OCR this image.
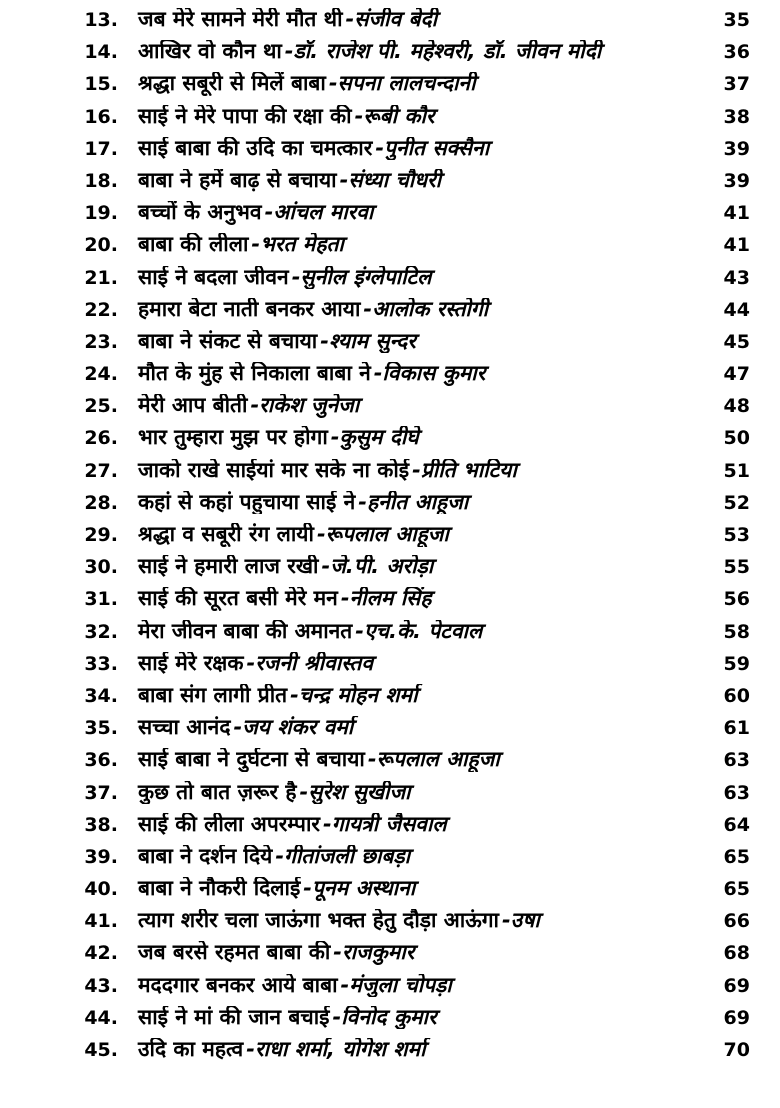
13. जब मेरे सामने मेरी मौत थी -संजीव बेदी	35
14. आखिर वो कौन था -डॉ. राजेश पी. महेश्वरी, डॉ. जीवन मोदी	36
15. श्रद्धा सबूरी से मिलें बाबा -सपना लालचन्दानी	37
16. साई ने मेरे पापा की रक्षा की -रूबी कौर	38
17. साई बाबा की उदि का चमत्कार -पुनीत सक्सैना	39
18. बाबा ने हमें बाढ़ से बचाया -संध्या चौधरी	39
19. बच्चों के अनुभव -आंचल मारवा	41
20. बाबा की लीला -भरत मेहता	41
21. साई ने बदला जीवन -सुनील इंग्लेपाटिल	43
22. हमारा बेटा नाती बनकर आया -आलोक रस्तोगी	44
23. बाबा ने संकट से बचाया -श्याम सुन्दर	45
24. मौत के मुंह से निकाला बाबा ने -विकास कुमार	47
25. मेरी आप बीती -राकेश जुनेजा	48
26. भार तुम्हारा मुझ पर होगा -कुसुम दीघे	50
27. जाको राखे साईयां मार सके ना कोई -प्रीति भाटिया	51
28. कहां से कहां पहुचाया साई ने -हनीत आहूजा	52
29. श्रद्धा व सबूरी रंग लायी -रूपलाल आहूजा	53
30. साई ने हमारी लाज रखी -जे.पी. अरोड़ा	55
31. साई की सूरत बसी मेरे मन -नीलम सिंह	56
32. मेरा जीवन बाबा की अमानत -एच.के. पेटवाल	58
33. साई मेरे रक्षक -रजनी श्रीवास्तव	59
34. बाबा संग लागी प्रीत -चन्द्र मोहन शर्मा	60
35. सच्चा आनंद -जय शंकर वर्मा	61
36. साई बाबा ने दुर्घटना से बचाया -रूपलाल आहूजा	63
37. कुछ तो बात ज़रूर है -सुरेश सुखीजा	63
38. साई की लीला अपरम्पार -गायत्री जैसवाल	64
39. बाबा ने दर्शन दिये -गीतांजली छाबड़ा	65
40. बाबा ने नौकरी दिलाई -पूनम अस्थाना	65
41. त्याग शरीर चला जाऊंगा भक्त हेतु दौड़ा आऊंगा -उषा	66
42. जब बरसे रहमत बाबा की -राजकुमार	68
43. मददगार बनकर आये बाबा -मंजुला चोपड़ा	69
44. साई ने मां की जान बचाई -विनोद कुमार	69
45. उदि का महत्व -राधा शर्मा, योगेश शर्मा	70
